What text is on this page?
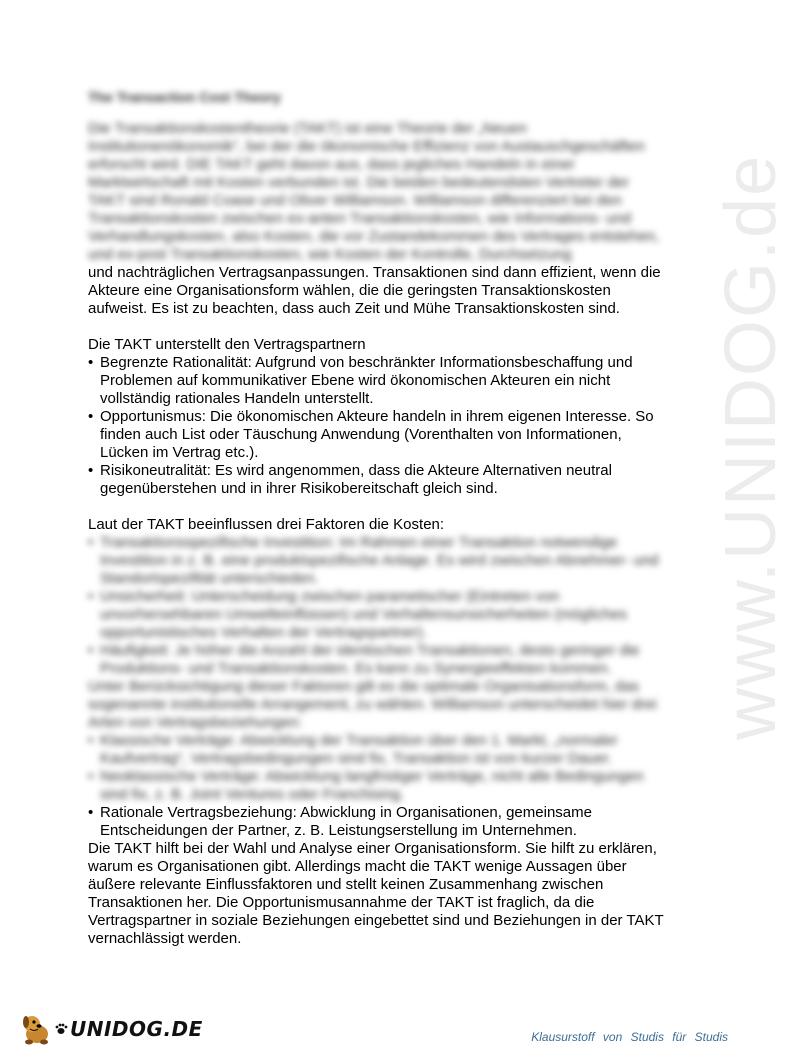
www.UNIDOG.de
The Transaction Cost Theory

Die Transaktionskostentheorie (TAKT) ist eine Theorie der „Neuen Institutionenökonomik“, bei der die ökonomische Effizienz von Austauschgeschäften erforscht wird. DIE TAKT geht davon aus, dass jegliches Handeln in einer Marktwirtschaft mit Kosten verbunden ist. Die beiden bedeutendsten Vertreter der TAKT sind Ronald Coase und Oliver Williamson. Williamson differenziert bei den Transaktionskosten zwischen ex-anten Transaktionskosten, wie Informations- und Verhandlungskosten, also Kosten, die vor Zustandekommen des Vertrages entstehen, und ex-post Transaktionskosten, wie Kosten der Kontrolle, Durchsetzung

und nachträglichen Vertragsanpassungen. Transaktionen sind dann effizient, wenn die Akteure eine Organisationsform wählen, die die geringsten Transaktionskosten aufweist. Es ist zu beachten, dass auch Zeit und Mühe Transaktionskosten sind.

Die TAKT unterstellt den Vertragspartnern

• Begrenzte Rationalität: Aufgrund von beschränkter Informationsbeschaffung und Problemen auf kommunikativer Ebene wird ökonomischen Akteuren ein nicht vollständig rationales Handeln unterstellt.
• Opportunismus: Die ökonomischen Akteure handeln in ihrem eigenen Interesse. So finden auch List oder Täuschung Anwendung (Vorenthalten von Informationen, Lücken im Vertrag etc.).
• Risikoneutralität: Es wird angenommen, dass die Akteure Alternativen neutral gegenüberstehen und in ihrer Risikobereitschaft gleich sind.

Laut der TAKT beeinflussen drei Faktoren die Kosten:

• Transaktionsspezifische Investition: Im Rahmen einer Transaktion notwendige Investition in z. B. eine produktspezifische Anlage. Es wird zwischen Abnehmer- und Standortspezifität unterschieden.
• Unsicherheit: Unterscheidung zwischen parametischer (Eintreten von unvorhersehbaren Umwelteinflüssen) und Verhaltensunsicherheiten (mögliches opportunistisches Verhalten der Vertragspartner).
• Häufigkeit: Je höher die Anzahl der identischen Transaktionen, desto geringer die Produktions- und Transaktionskosten. Es kann zu Synergieeffekten kommen.

Unter Berücksichtigung dieser Faktoren gilt es die optimale Organisationsform, das sogenannte institutionelle Arrangement, zu wählen. Williamson unterscheidet hier drei Arten von Vertragsbeziehungen:

• Klassische Verträge: Abwicklung der Transaktion über den 1. Markt, „normaler Kaufvertrag“, Vertragsbedingungen sind fix, Transaktion ist von kurzer Dauer.
• Neoklassische Verträge: Abwicklung langfristiger Verträge, nicht alle Bedingungen sind fix, z. B. Joint Ventures oder Franchising.
• Rationale Vertragsbeziehung: Abwicklung in Organisationen, gemeinsame Entscheidungen der Partner, z. B. Leistungserstellung im Unternehmen.

Die TAKT hilft bei der Wahl und Analyse einer Organisationsform. Sie hilft zu erklären, warum es Organisationen gibt. Allerdings macht die TAKT wenige Aussagen über äußere relevante Einflussfaktoren und stellt keinen Zusammenhang zwischen Transaktionen her. Die Opportunismusannahme der TAKT ist fraglich, da die Vertragspartner in soziale Beziehungen eingebettet sind und Beziehungen in der TAKT vernachlässigt werden.

UNIDOG.DE	Klausurstoff von Studis für Studis
